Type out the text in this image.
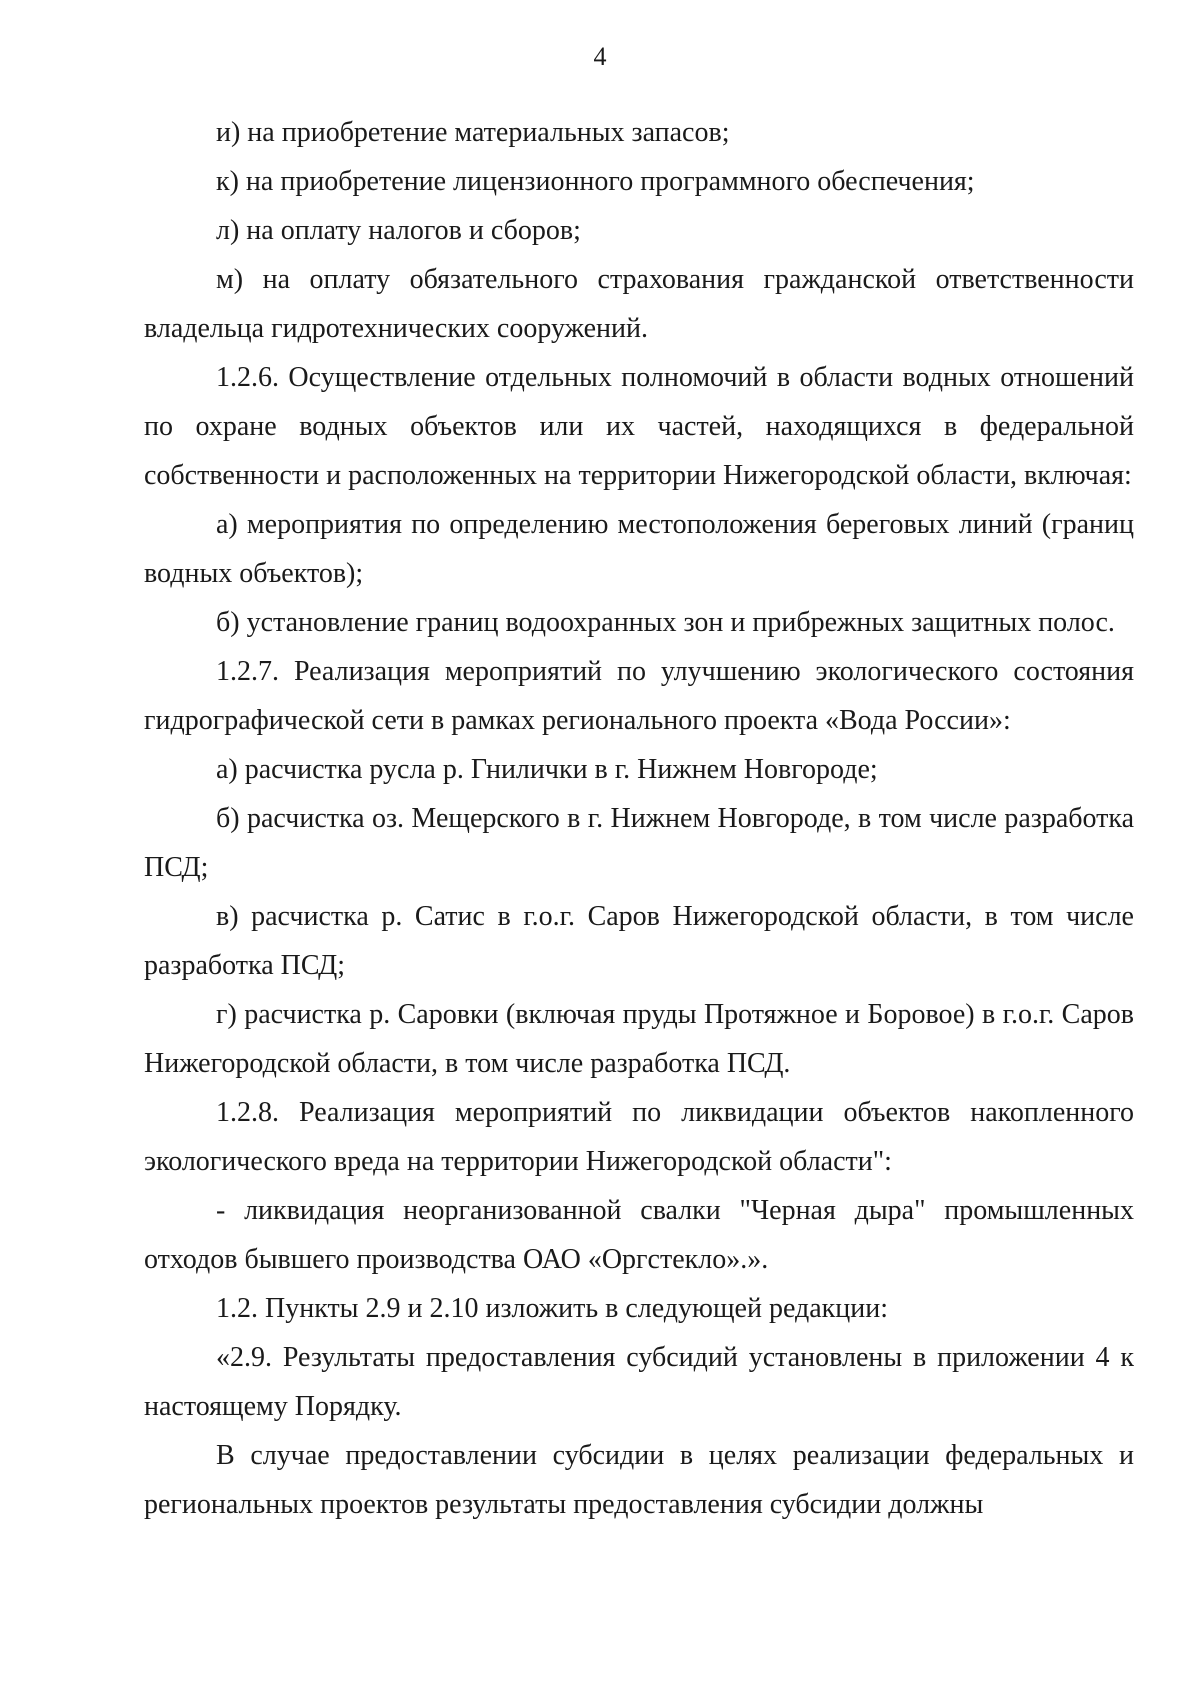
4

и) на приобретение материальных запасов;

к) на приобретение лицензионного программного обеспечения;

л) на оплату налогов и сборов;

м) на оплату обязательного страхования гражданской ответственности владельца гидротехнических сооружений.

1.2.6. Осуществление отдельных полномочий в области водных отношений по охране водных объектов или их частей, находящихся в федеральной собственности и расположенных на территории Нижегородской области, включая:

а) мероприятия по определению местоположения береговых линий (границ водных объектов);

б) установление границ водоохранных зон и прибрежных защитных полос.

1.2.7. Реализация мероприятий по улучшению экологического состояния гидрографической сети в рамках регионального проекта «Вода России»:

а) расчистка русла р. Гнилички в г. Нижнем Новгороде;

б) расчистка оз. Мещерского в г. Нижнем Новгороде, в том числе разработка ПСД;

в) расчистка р. Сатис в г.о.г. Саров Нижегородской области, в том числе разработка ПСД;

г) расчистка р. Саровки (включая пруды Протяжное и Боровое) в г.о.г. Саров Нижегородской области, в том числе разработка ПСД.

1.2.8. Реализация мероприятий по ликвидации объектов накопленного экологического вреда на территории Нижегородской области":

- ликвидация неорганизованной свалки "Черная дыра" промышленных отходов бывшего производства ОАО «Оргстекло».».

1.2. Пункты 2.9 и 2.10 изложить в следующей редакции:

«2.9. Результаты предоставления субсидий установлены в приложении 4 к настоящему Порядку.

В случае предоставлении субсидии в целях реализации федеральных и региональных проектов результаты предоставления субсидии должны
